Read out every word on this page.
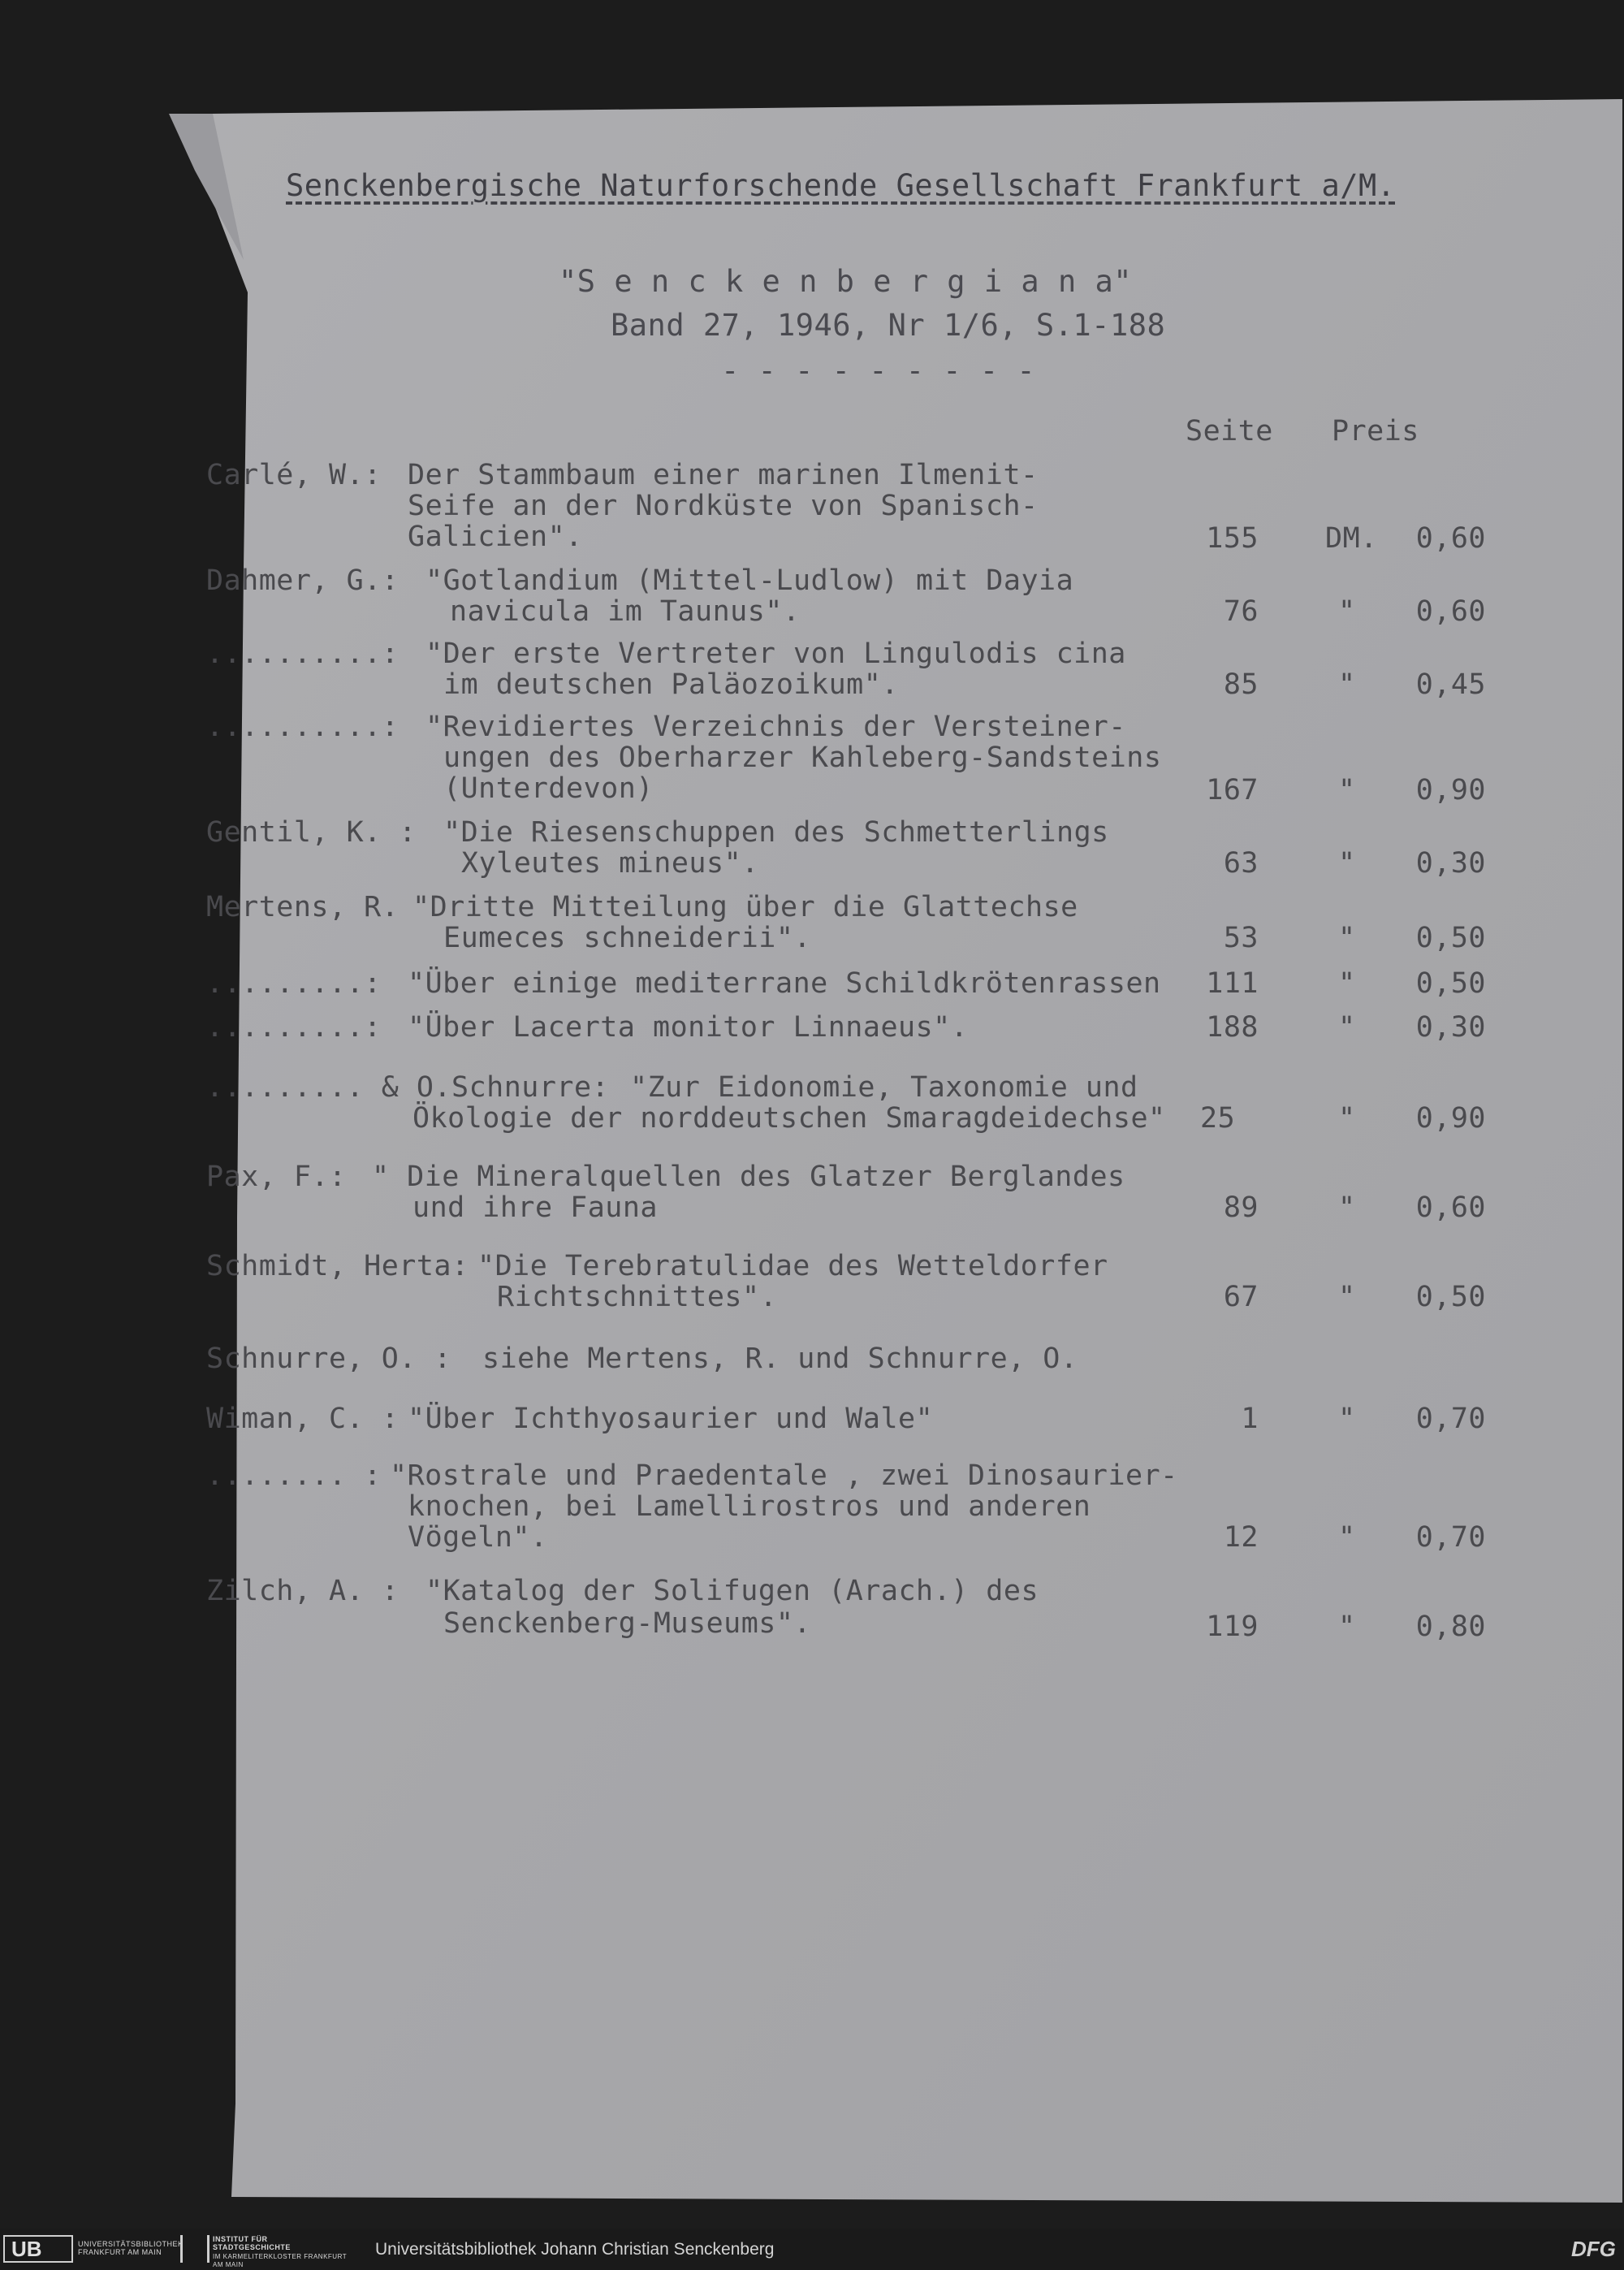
Senckenbergische Naturforschende Gesellschaft Frankfurt a/M.
"S e n c k e n b e r g i a n a"
Band 27, 1946, Nr 1/6, S.1-188
- - - - - - - - -
Seite Preis
Carlé, W.: Der Stammbaum einer marinen Ilmenit-
Seife an der Nordküste von Spanisch-
Galicien".	155 DM.	0,60
Dahmer, G.: "Gotlandium (Mittel-Ludlow) mit Dayia
navicula im Taunus".	76	"	0,60
..........: "Der erste Vertreter von Lingulodis cina
im deutschen Paläozoikum".	85	"	0,45
..........: "Revidiertes Verzeichnis der Versteiner-
ungen des Oberharzer Kahleberg-Sandsteins
(Unterdevon)	167	"	0,90
Gentil, K. : "Die Riesenschuppen des Schmetterlings
Xyleutes mineus".	63	"	0,30
Mertens, R. "Dritte Mitteilung über die Glattechse
Eumeces schneiderii".	53	"	0,50
.........: "Über einige mediterrane Schildkrötenrassen	111	"	0,50
.........: "Über Lacerta monitor Linnaeus".	188	"	0,30
......... & O.Schnurre: "Zur Eidonomie, Taxonomie und
Ökologie der norddeutschen Smaragdeidechse" 25	"	0,90
Pax, F.: " Die Mineralquellen des Glatzer Berglandes
und ihre Fauna	89	"	0,60
Schmidt, Herta: "Die Terebratulidae des Wetteldorfer
Richtschnittes".	67	"	0,50
Schnurre, O. : siehe Mertens, R. und Schnurre, O.
Wiman, C. : "Über Ichthyosaurier und Wale"	1	"	0,70
........ : "Rostrale und Praedentale , zwei Dinosaurier-
knochen, bei Lamellirostros und anderen
Vögeln".	12	"	0,70
Zilch, A. : "Katalog der Solifugen (Arach.) des
Senckenberg-Museums".	119	"	0,80
UB	UNIVERSITÄTSBIBLIOTHEK FRANKFURT AM MAIN
INSTITUT FÜR STADTGESCHICHTE
IM KARMELITERKLOSTER FRANKFURT AM MAIN
Universitätsbibliothek Johann Christian Senckenberg	DFG
